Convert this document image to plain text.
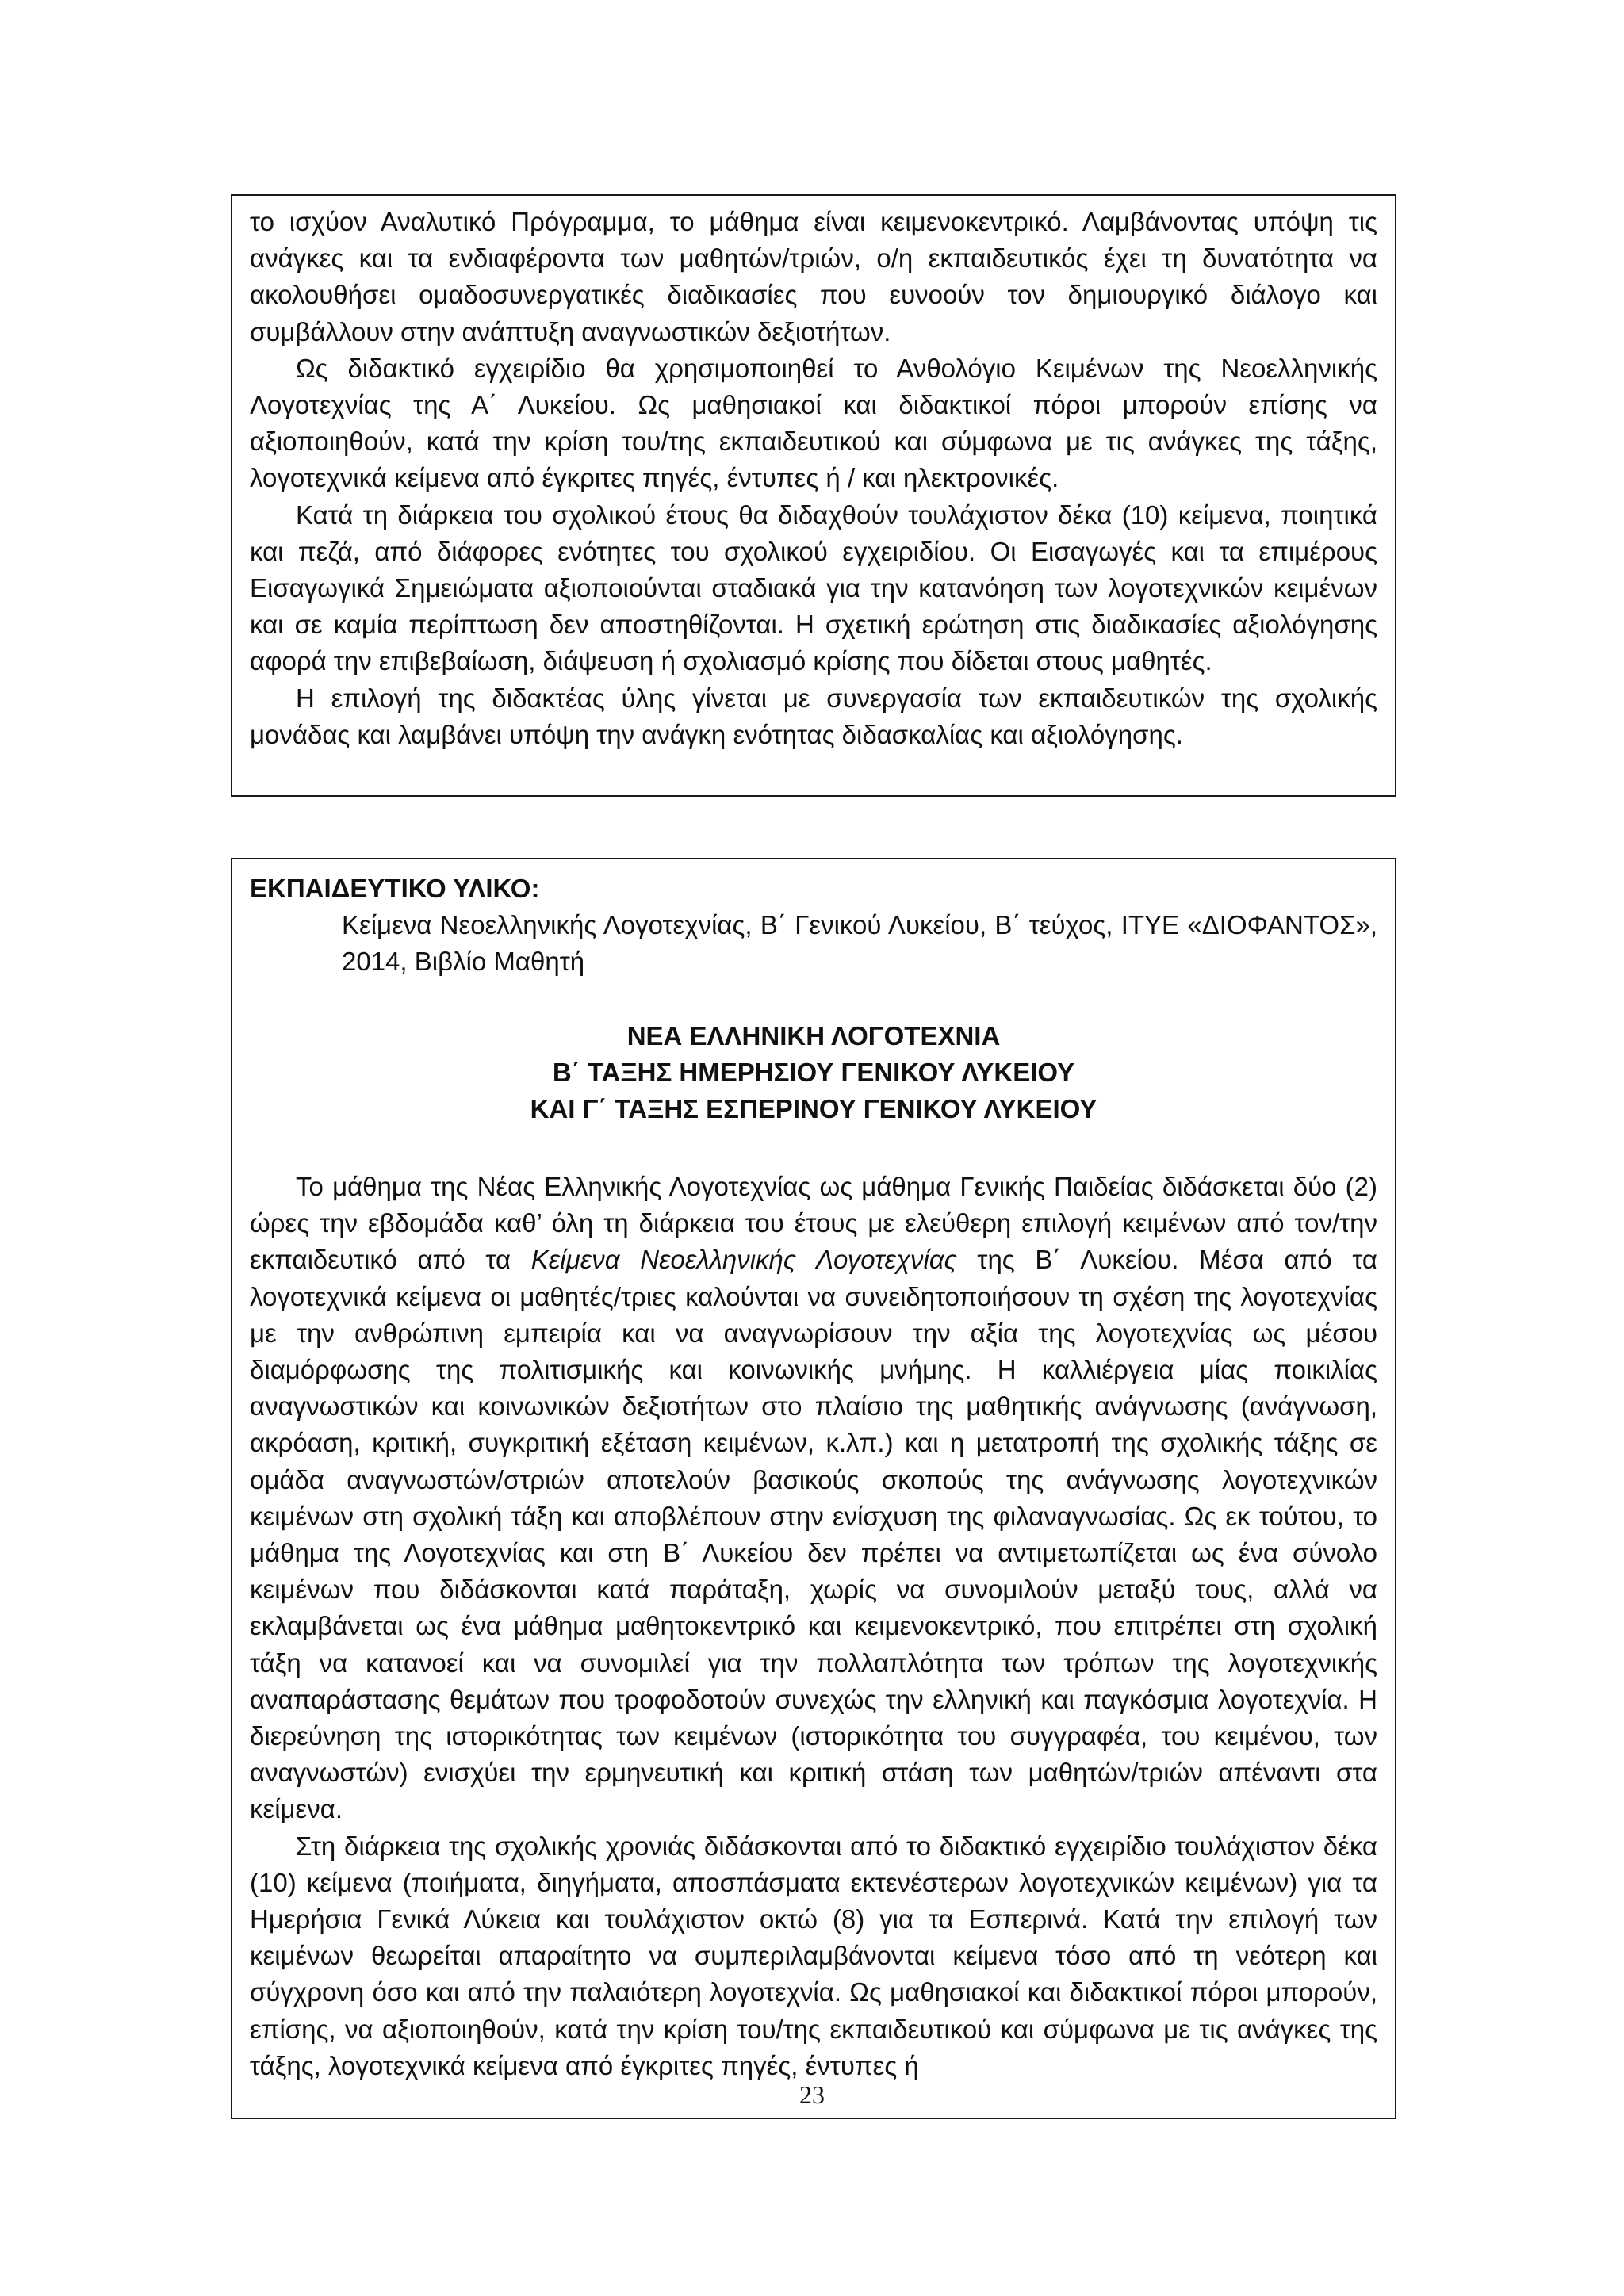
το ισχύον Αναλυτικό Πρόγραμμα, το μάθημα είναι κειμενοκεντρικό. Λαμβάνοντας υπόψη τις ανάγκες και τα ενδιαφέροντα των μαθητών/τριών, ο/η εκπαιδευτικός έχει τη δυνατότητα να ακολουθήσει ομαδοσυνεργατικές διαδικασίες που ευνοούν τον δημιουργικό διάλογο και συμβάλλουν στην ανάπτυξη αναγνωστικών δεξιοτήτων.

Ως διδακτικό εγχειρίδιο θα χρησιμοποιηθεί το Ανθολόγιο Κειμένων της Νεοελληνικής Λογοτεχνίας της Α΄ Λυκείου. Ως μαθησιακοί και διδακτικοί πόροι μπορούν επίσης να αξιοποιηθούν, κατά την κρίση του/της εκπαιδευτικού και σύμφωνα με τις ανάγκες της τάξης, λογοτεχνικά κείμενα από έγκριτες πηγές, έντυπες ή / και ηλεκτρονικές.

Κατά τη διάρκεια του σχολικού έτους θα διδαχθούν τουλάχιστον δέκα (10) κείμενα, ποιητικά και πεζά, από διάφορες ενότητες του σχολικού εγχειριδίου. Οι Εισαγωγές και τα επιμέρους Εισαγωγικά Σημειώματα αξιοποιούνται σταδιακά για την κατανόηση των λογοτεχνικών κειμένων και σε καμία περίπτωση δεν αποστηθίζονται. Η σχετική ερώτηση στις διαδικασίες αξιολόγησης αφορά την επιβεβαίωση, διάψευση ή σχολιασμό κρίσης που δίδεται στους μαθητές.

Η επιλογή της διδακτέας ύλης γίνεται με συνεργασία των εκπαιδευτικών της σχολικής μονάδας και λαμβάνει υπόψη την ανάγκη ενότητας διδασκαλίας και αξιολόγησης.

ΕΚΠΑΙΔΕΥΤΙΚΟ ΥΛΙΚΟ:
Κείμενα Νεοελληνικής Λογοτεχνίας, Β΄ Γενικού Λυκείου, Β΄ τεύχος, ΙΤΥΕ «ΔΙΟΦΑΝΤΟΣ», 2014, Βιβλίο Μαθητή
ΝΕΑ ΕΛΛΗΝΙΚΗ ΛΟΓΟΤΕΧΝΙΑ
Β΄ ΤΑΞΗΣ ΗΜΕΡΗΣΙΟΥ ΓΕΝΙΚΟΥ ΛΥΚΕΙΟΥ
ΚΑΙ Γ΄ ΤΑΞΗΣ ΕΣΠΕΡΙΝΟΥ ΓΕΝΙΚΟΥ ΛΥΚΕΙΟΥ

Το μάθημα της Νέας Ελληνικής Λογοτεχνίας ως μάθημα Γενικής Παιδείας διδάσκεται δύο (2) ώρες την εβδομάδα καθ’ όλη τη διάρκεια του έτους με ελεύθερη επιλογή κειμένων από τον/την εκπαιδευτικό από τα Κείμενα Νεοελληνικής Λογοτεχνίας της Β΄ Λυκείου. Μέσα από τα λογοτεχνικά κείμενα οι μαθητές/τριες καλούνται να συνειδητοποιήσουν τη σχέση της λογοτεχνίας με την ανθρώπινη εμπειρία και να αναγνωρίσουν την αξία της λογοτεχνίας ως μέσου διαμόρφωσης της πολιτισμικής και κοινωνικής μνήμης. Η καλλιέργεια μίας ποικιλίας αναγνωστικών και κοινωνικών δεξιοτήτων στο πλαίσιο της μαθητικής ανάγνωσης (ανάγνωση, ακρόαση, κριτική, συγκριτική εξέταση κειμένων, κ.λπ.) και η μετατροπή της σχολικής τάξης σε ομάδα αναγνωστών/στριών αποτελούν βασικούς σκοπούς της ανάγνωσης λογοτεχνικών κειμένων στη σχολική τάξη και αποβλέπουν στην ενίσχυση της φιλαναγνωσίας. Ως εκ τούτου, το μάθημα της Λογοτεχνίας και στη Β΄ Λυκείου δεν πρέπει να αντιμετωπίζεται ως ένα σύνολο κειμένων που διδάσκονται κατά παράταξη, χωρίς να συνομιλούν μεταξύ τους, αλλά να εκλαμβάνεται ως ένα μάθημα μαθητοκεντρικό και κειμενοκεντρικό, που επιτρέπει στη σχολική τάξη να κατανοεί και να συνομιλεί για την πολλαπλότητα των τρόπων της λογοτεχνικής αναπαράστασης θεμάτων που τροφοδοτούν συνεχώς την ελληνική και παγκόσμια λογοτεχνία. Η διερεύνηση της ιστορικότητας των κειμένων (ιστορικότητα του συγγραφέα, του κειμένου, των αναγνωστών) ενισχύει την ερμηνευτική και κριτική στάση των μαθητών/τριών απέναντι στα κείμενα.

Στη διάρκεια της σχολικής χρονιάς διδάσκονται από το διδακτικό εγχειρίδιο τουλάχιστον δέκα (10) κείμενα (ποιήματα, διηγήματα, αποσπάσματα εκτενέστερων λογοτεχνικών κειμένων) για τα Ημερήσια Γενικά Λύκεια και τουλάχιστον οκτώ (8) για τα Εσπερινά. Κατά την επιλογή των κειμένων θεωρείται απαραίτητο να συμπεριλαμβάνονται κείμενα τόσο από τη νεότερη και σύγχρονη όσο και από την παλαιότερη λογοτεχνία. Ως μαθησιακοί και διδακτικοί πόροι μπορούν, επίσης, να αξιοποιηθούν, κατά την κρίση του/της εκπαιδευτικού και σύμφωνα με τις ανάγκες της τάξης, λογοτεχνικά κείμενα από έγκριτες πηγές, έντυπες ή

23
